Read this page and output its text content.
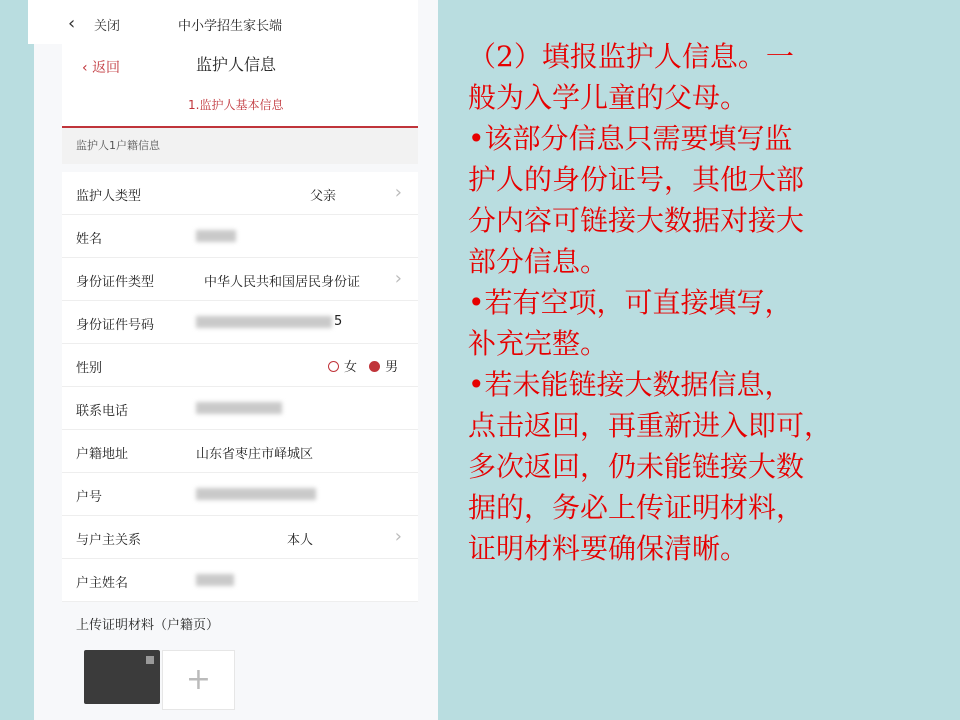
‹ 关闭	中小学招生家长端
‹ 返回	监护人信息
1.监护人基本信息
监护人1户籍信息
监护人类型	父亲	›
姓名
身份证件类型	中华人民共和国居民身份证 ›
身份证件号码	5
性别	女 男
联系电话
户籍地址	山东省枣庄市峄城区
户号
与户主关系	本人	›
户主姓名
上传证明材料（户籍页）
+

（2）填报监护人信息。一

般为入学儿童的父母。

•该部分信息只需要填写监

护人的身份证号，其他大部

分内容可链接大数据对接大

部分信息。

•若有空项，可直接填写，

补充完整。

•若未能链接大数据信息，

点击返回，再重新进入即可，

多次返回，仍未能链接大数

据的，务必上传证明材料，

证明材料要确保清晰。
